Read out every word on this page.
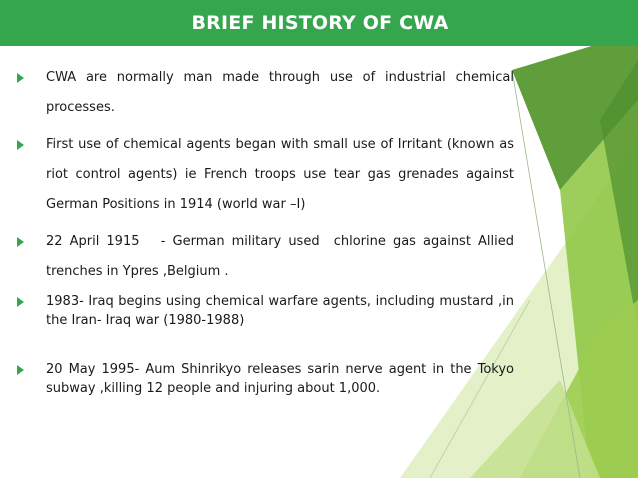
BRIEF HISTORY OF CWA
CWA are normally man made through use of industrial chemical processes.
First use of chemical agents began with small use of Irritant (known as riot control agents) ie French troops use tear gas grenades against German Positions in 1914 (world war –I)
22 April 1915   - German military used  chlorine gas against Allied trenches in Ypres ,Belgium .
1983- Iraq begins using chemical warfare agents, including mustard ,in the Iran- Iraq war (1980-1988)
20 May 1995- Aum Shinrikyo releases sarin nerve agent in the Tokyo subway ,killing 12 people and injuring about 1,000.
